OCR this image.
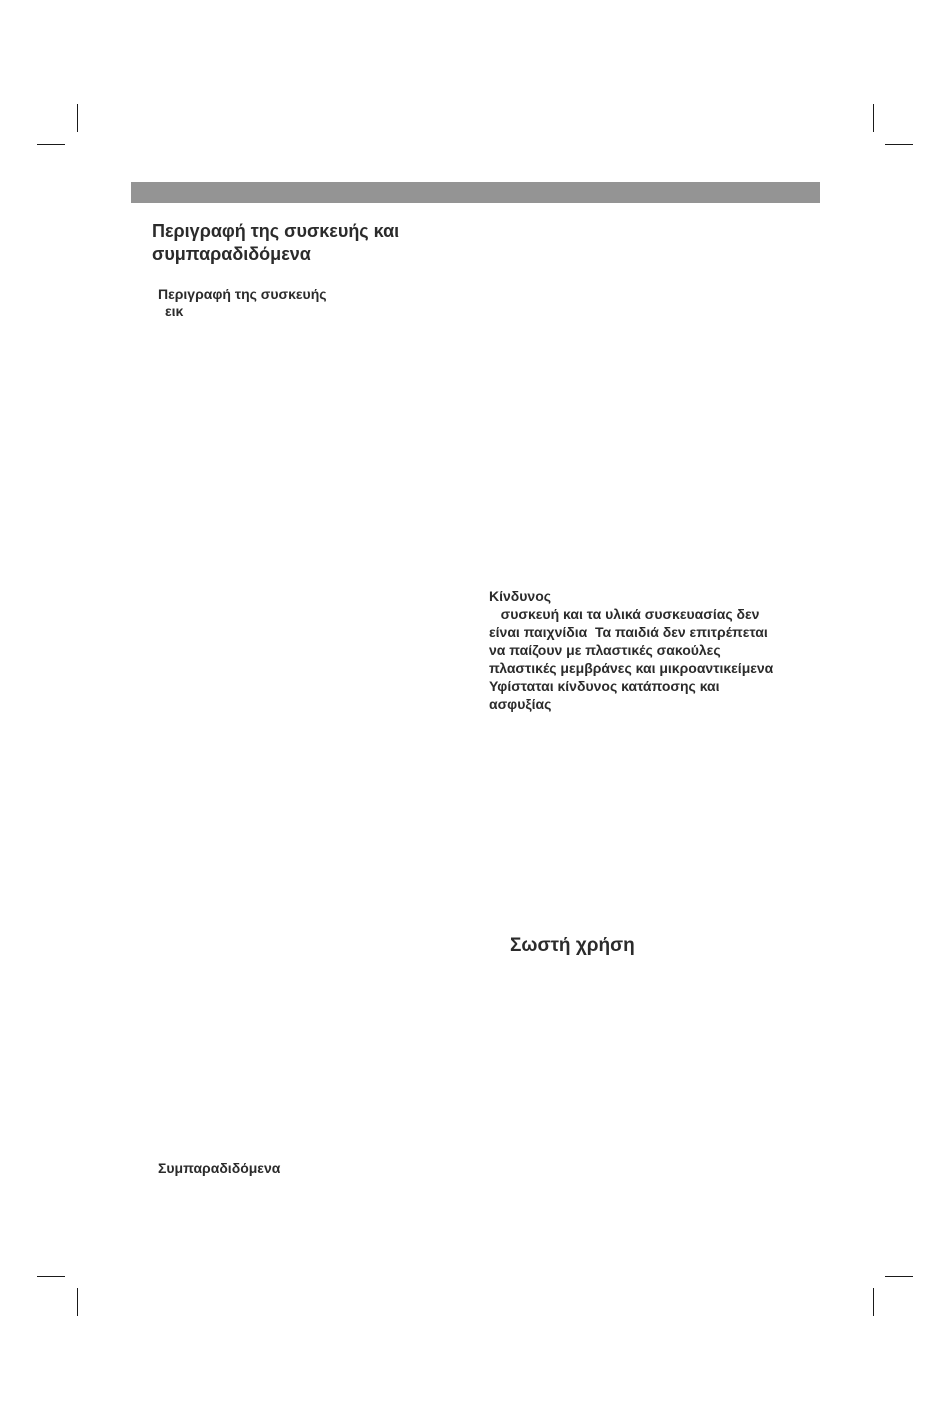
Περιγραφή της συσκευής και συμπαραδιδόμενα
Περιγραφή της συσκευής
εικ
Κίνδυνος
συσκευή και τα υλικά συσκευασίας δεν
είναι παιχνίδια  Τα παιδιά δεν επιτρέπεται
να παίζουν με πλαστικές σακούλες
πλαστικές μεμβράνες και μικροαντικείμενα
Υφίσταται κίνδυνος κατάποσης και
ασφυξίας
Σωστή χρήση
Συμπαραδιδόμενα
